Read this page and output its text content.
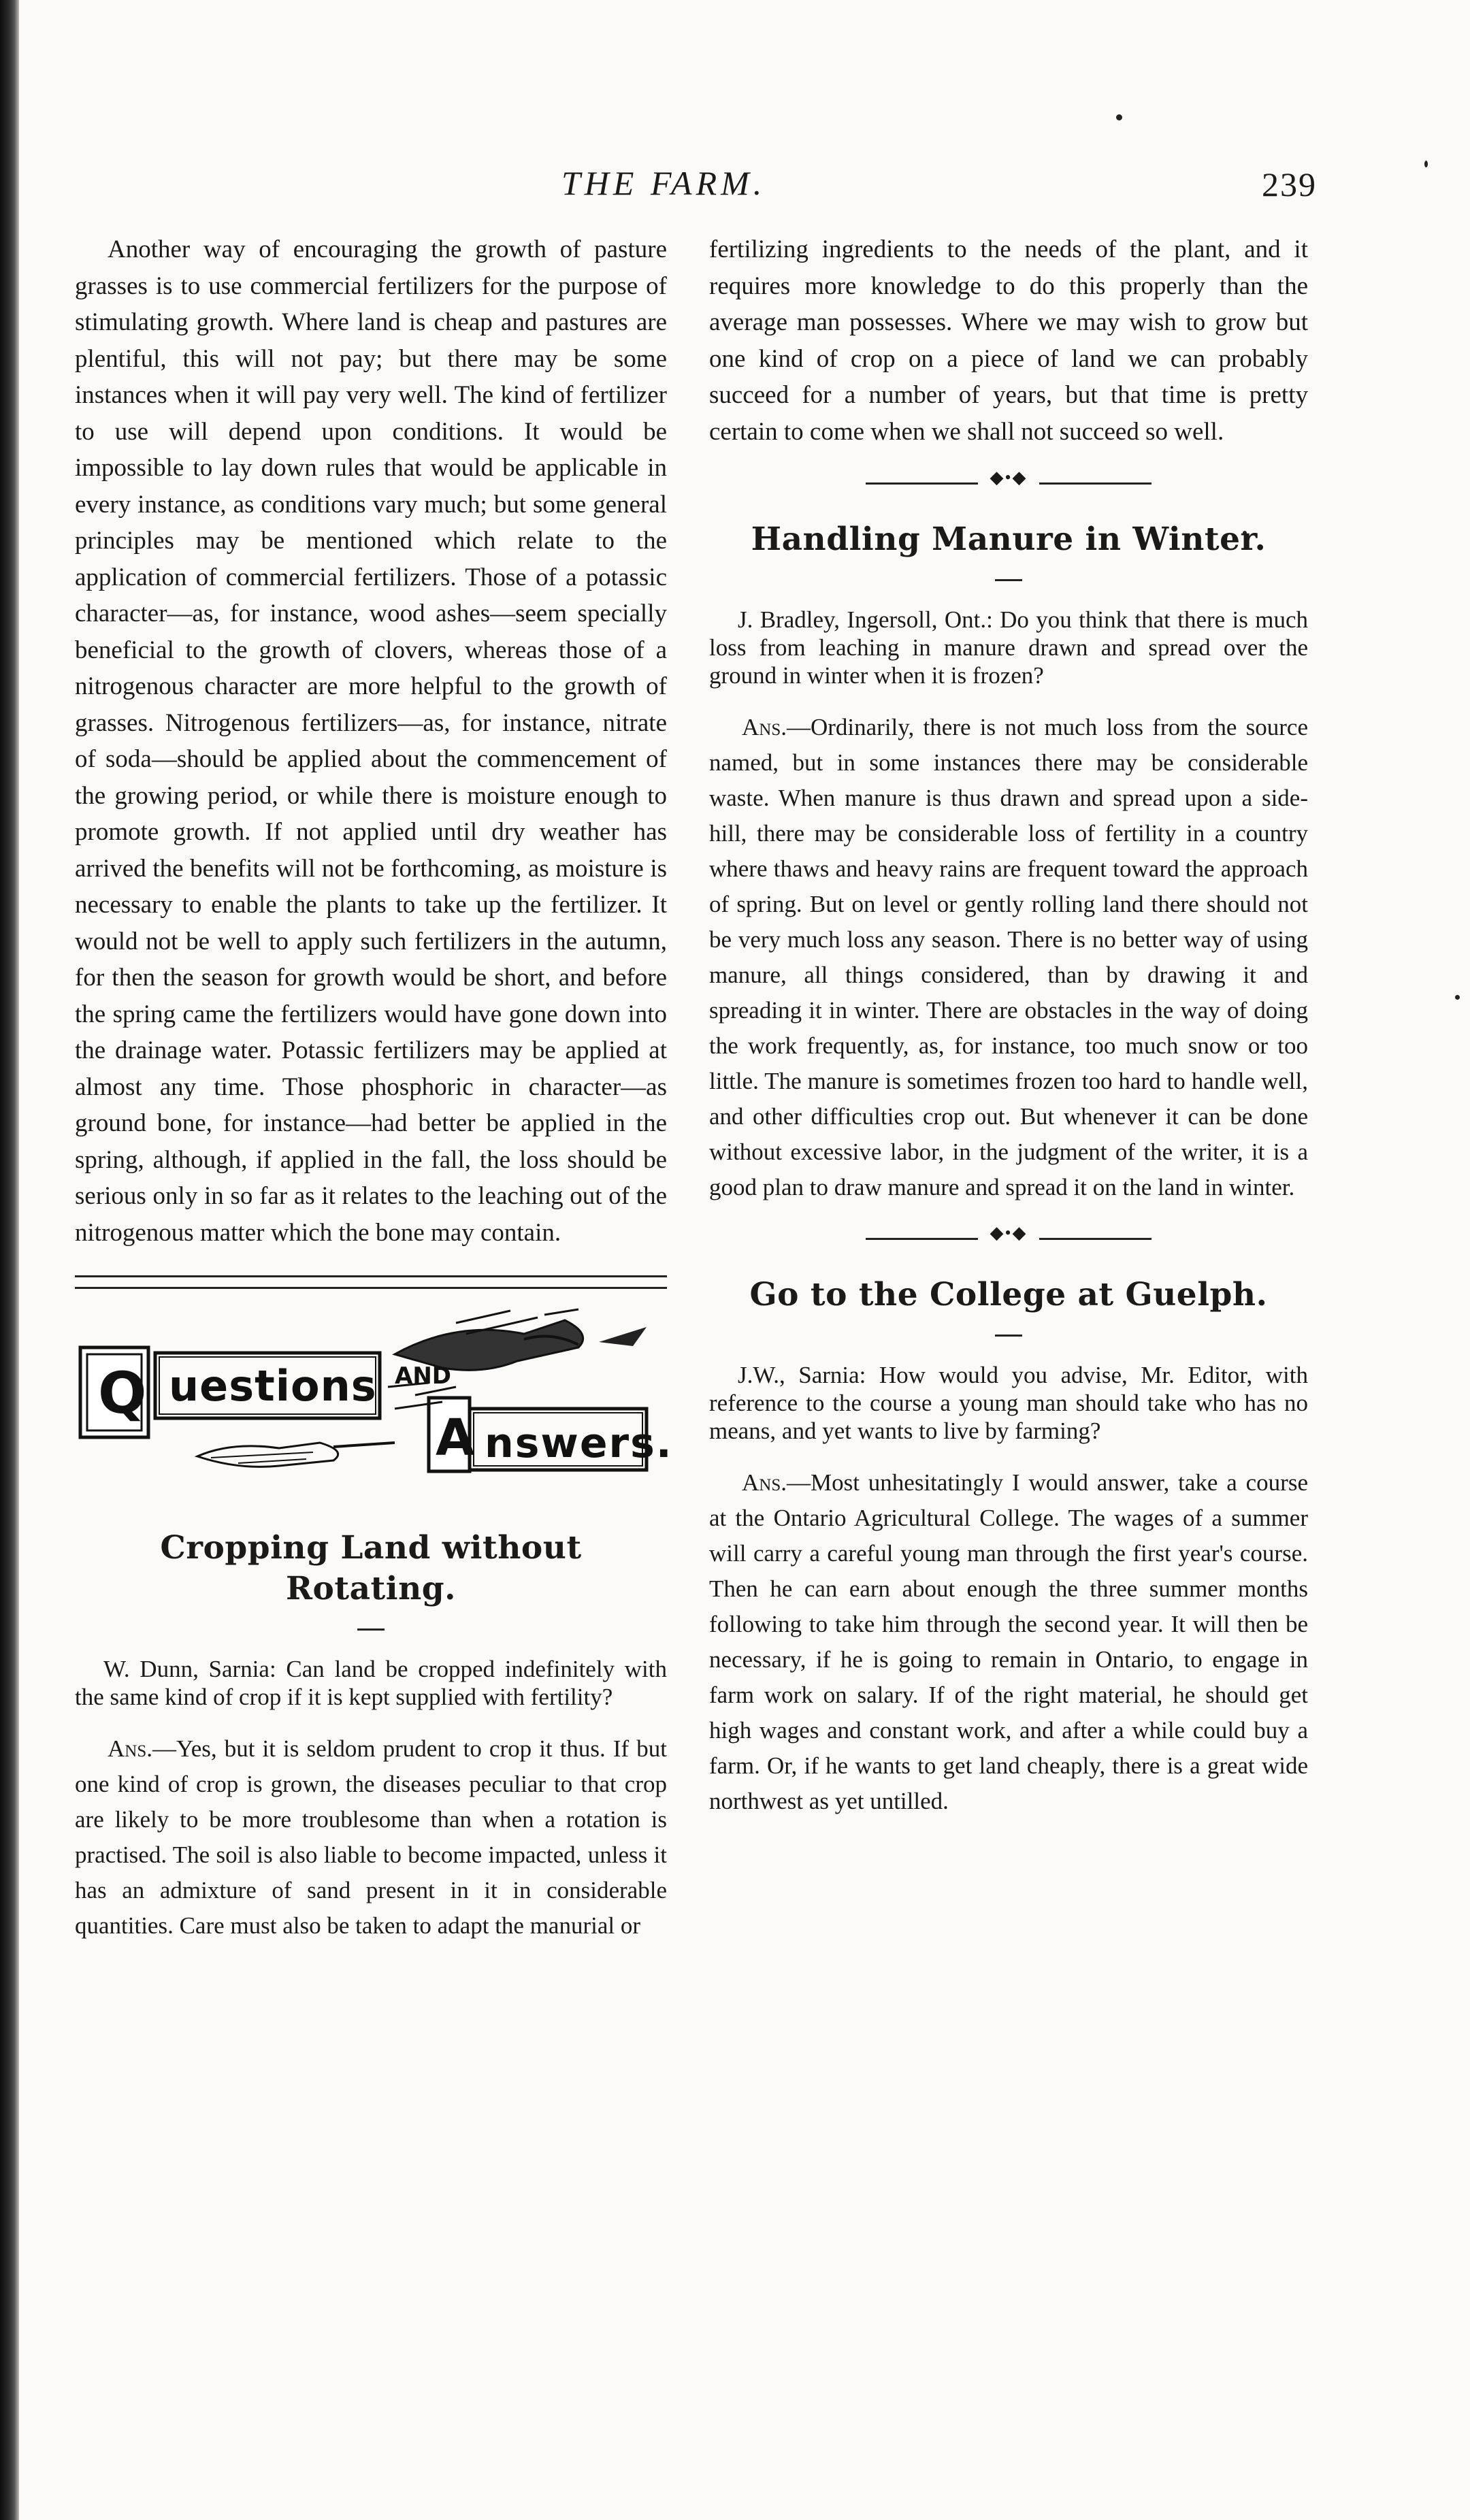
THE FARM.	239

Another way of encouraging the growth of pasture grasses is to use commercial fertilizers for the purpose of stimulating growth. Where land is cheap and pastures are plentiful, this will not pay; but there may be some instances when it will pay very well. The kind of fertilizer to use will depend upon conditions. It would be impossible to lay down rules that would be applicable in every instance, as conditions vary much; but some general principles may be mentioned which relate to the application of commercial fertilizers. Those of a potassic character—as, for instance, wood ashes—seem specially beneficial to the growth of clovers, whereas those of a nitrogenous character are more helpful to the growth of grasses. Nitrogenous fertilizers—as, for instance, nitrate of soda—should be applied about the commencement of the growing period, or while there is moisture enough to promote growth. If not applied until dry weather has arrived the benefits will not be forthcoming, as moisture is necessary to enable the plants to take up the fertilizer. It would not be well to apply such fertilizers in the autumn, for then the season for growth would be short, and before the spring came the fertilizers would have gone down into the drainage water. Potassic fertilizers may be applied at almost any time. Those phosphoric in character—as ground bone, for instance—had better be applied in the spring, although, if applied in the fall, the loss should be serious only in so far as it relates to the leaching out of the nitrogenous matter which the bone may contain.

Q uestions AND
A nswers.
Cropping Land without Rotating.

W. Dunn, Sarnia: Can land be cropped indefinitely with the same kind of crop if it is kept supplied with fertility?

Ans.—Yes, but it is seldom prudent to crop it thus. If but one kind of crop is grown, the diseases peculiar to that crop are likely to be more troublesome than when a rotation is practised. The soil is also liable to become impacted, unless it has an admixture of sand present in it in considerable quantities. Care must also be taken to adapt the manurial or

fertilizing ingredients to the needs of the plant, and it requires more knowledge to do this properly than the average man possesses. Where we may wish to grow but one kind of crop on a piece of land we can probably succeed for a number of years, but that time is pretty certain to come when we shall not succeed so well.

◆•◆
Handling Manure in Winter.

J. Bradley, Ingersoll, Ont.: Do you think that there is much loss from leaching in manure drawn and spread over the ground in winter when it is frozen?

Ans.—Ordinarily, there is not much loss from the source named, but in some instances there may be considerable waste. When manure is thus drawn and spread upon a side-hill, there may be considerable loss of fertility in a country where thaws and heavy rains are frequent toward the approach of spring. But on level or gently rolling land there should not be very much loss any season. There is no better way of using manure, all things considered, than by drawing it and spreading it in winter. There are obstacles in the way of doing the work frequently, as, for instance, too much snow or too little. The manure is sometimes frozen too hard to handle well, and other difficulties crop out. But whenever it can be done without excessive labor, in the judgment of the writer, it is a good plan to draw manure and spread it on the land in winter.

◆•◆
Go to the College at Guelph.

J.W., Sarnia: How would you advise, Mr. Editor, with reference to the course a young man should take who has no means, and yet wants to live by farming?

Ans.—Most unhesitatingly I would answer, take a course at the Ontario Agricultural College. The wages of a summer will carry a careful young man through the first year's course. Then he can earn about enough the three summer months following to take him through the second year. It will then be necessary, if he is going to remain in Ontario, to engage in farm work on salary. If of the right material, he should get high wages and constant work, and after a while could buy a farm. Or, if he wants to get land cheaply, there is a great wide northwest as yet untilled.
